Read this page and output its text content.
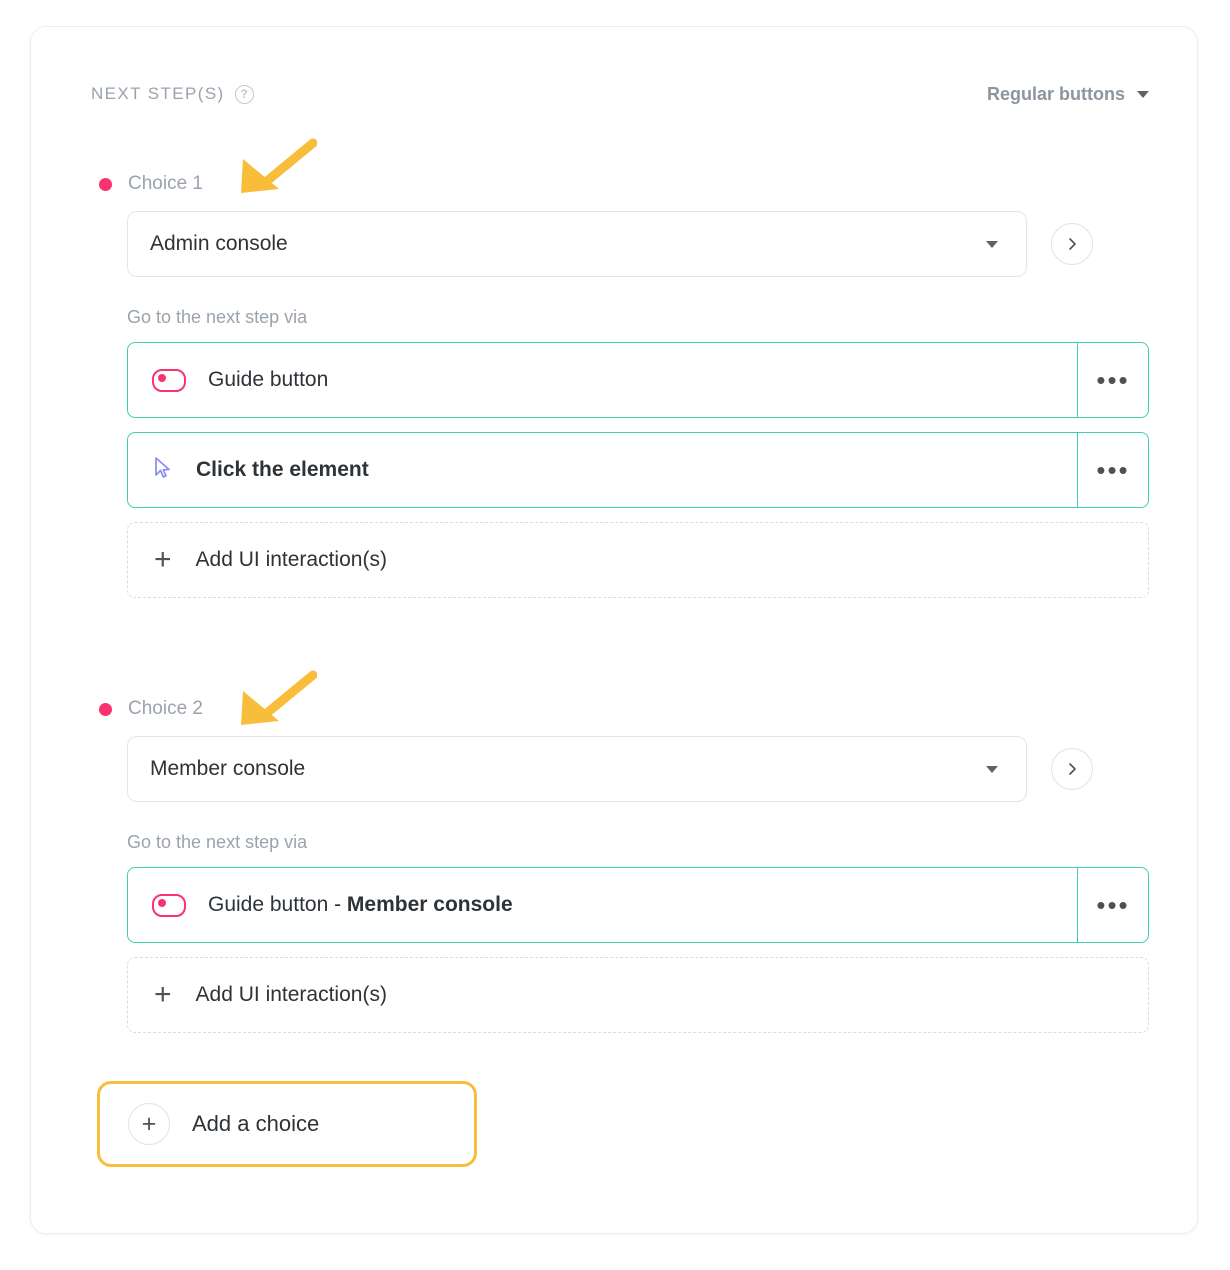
NEXT STEP(S)	?	Regular buttons
Choice 1
Admin console
Go to the next step via
Guide button	•••
Click the element	•••
+ Add UI interaction(s)
Choice 2
Member console
Go to the next step via
Guide button - Member console	•••
+ Add UI interaction(s)
+	Add a choice
